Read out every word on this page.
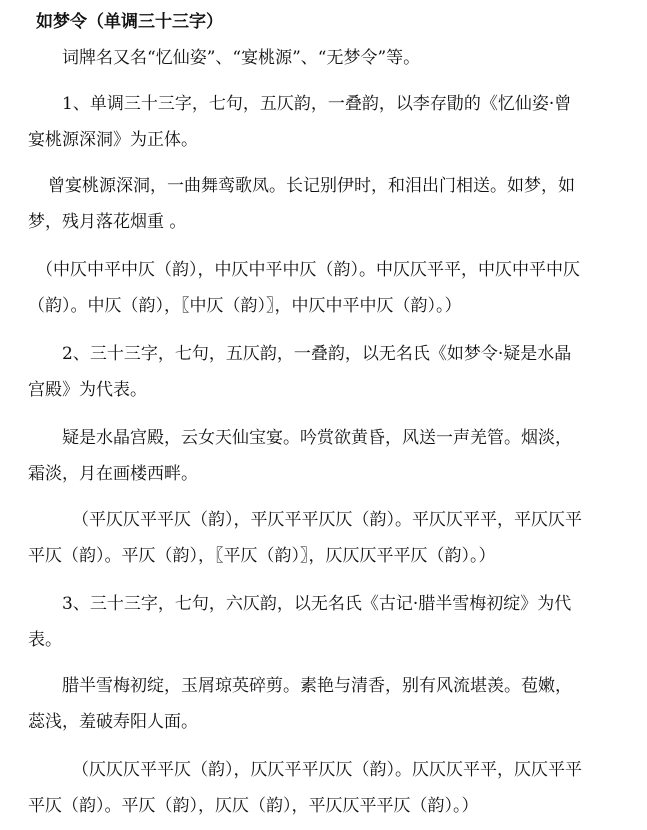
如梦令（单调三十三字）

词牌名又名“忆仙姿”、“宴桃源”、“无梦令”等。

1、单调三十三字，七句，五仄韵，一叠韵，以李存勖的《忆仙姿·曾宴桃源深洞》为正体。

曾宴桃源深洞，一曲舞鸾歌凤。长记别伊时，和泪出门相送。如梦，如梦，残月落花烟重 。

（中仄中平中仄（韵），中仄中平中仄（韵）。中仄仄平平，中仄中平中仄（韵）。中仄（韵），〖中仄（韵）〗，中仄中平中仄（韵）。）

2、三十三字，七句，五仄韵，一叠韵，以无名氏《如梦令·疑是水晶宫殿》为代表。

疑是水晶宫殿，云女天仙宝宴。吟赏欲黄昏，风送一声羌管。烟淡，霜淡，月在画楼西畔。

（平仄仄平平仄（韵），平仄平平仄仄（韵）。平仄仄平平，平仄仄平平仄（韵）。平仄（韵），〖平仄（韵）〗，仄仄仄平平仄（韵）。）

3、三十三字，七句，六仄韵，以无名氏《古记·腊半雪梅初绽》为代表。

腊半雪梅初绽，玉屑琼英碎剪。素艳与清香，别有风流堪羡。苞嫩，蕊浅，羞破寿阳人面。

（仄仄仄平平仄（韵），仄仄平平仄仄（韵）。仄仄仄平平，仄仄平平平仄（韵）。平仄（韵），仄仄（韵），平仄仄平平仄（韵）。）
